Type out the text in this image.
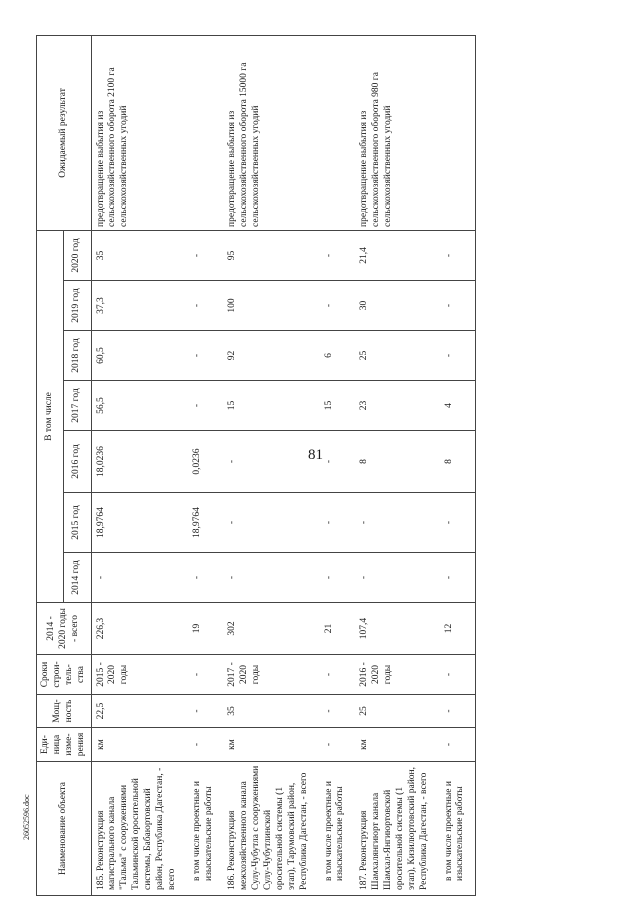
81
26052596.doc	Наименование объекта	Еди-ница изме-рения	Мощ-ность	Сроки строи-тель-ства	2014 - 2020 годы - всего	В том числе							Ожидаемый результат
					2014 год	2015 год	2016 год	2017 год	2018 год	2019 год	2020 год	
185. Реконструкция магистрального канала "Тальма" с сооружениями Тальминской оросительной системы, Бабаюртовский район, Республика Дагестан, - всего	км	22,5	2015 - 2020 годы	226,3	-	18,9764	18,0236	56,5	60,5	37,3	35	предотвращение выбытия из сельскохозяйственного оборота 2100 га сельскохозяйственных угодий
в том числе проектные и изыскательские работы	-	-	-	19	-	18,9764	0,0236	-	-	-	-	
186. Реконструкция межхозяйственного канала Сулу-Чубутла с сооружениями Сулу-Чубутлинской оросительной системы (1 этап), Тарумовский район, Республика Дагестан, - всего	км	35	2017 - 2020 годы	302	-	-	-	15	92	100	95	предотвращение выбытия из сельскохозяйственного оборота 15000 га сельскохозяйственных угодий
в том числе проектные и изыскательские работы	-	-	-	21	-	-	-	15	6	-	-	
187. Реконструкция Шамхалянгиюрт канала Шамхал-Янгиюртовской оросительной системы (1 этап), Кизилюртовский район, Республика Дагестан, - всего	км	25	2016 - 2020 годы	107,4	-	-	8	23	25	30	21,4	предотвращение выбытия из сельскохозяйственного оборота 980 га сельскохозяйственных угодий
в том числе проектные и изыскательские работы	-	-	-	12	-	-	8	4	-	-	-	
